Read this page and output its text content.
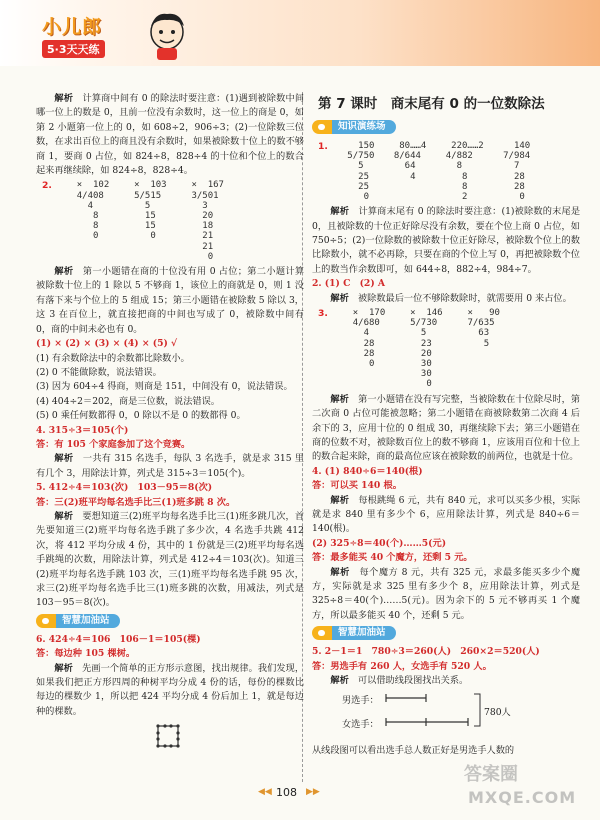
小儿郎
5·3天天练

解析　 计算商中间有 0 的除法时要注意：(1)遇到被除数中间哪一位上的数是 0，且前一位没有余数时，这一位上的商是 0，如第 2 小题第一位上的 0，如 608÷2，906÷3；(2)一位除数三位数，在求出百位上的商且没有余数时，如果被除数十位上的数不够商 1，要商 0 占位，如 824÷8，828÷4 的十位和个位上的数合起来再继续除，如 824÷8，828÷4。

2.	×  102
4/408
4
8
8
0
×  103
5/515
5
15
15
0
×  167
3/501
3
20
18
21
21
0

解析　 第一小题错在商的十位没有用 0 占位；第二小题计算被除数十位上的 1 除以 5 不够商 1，该位上的商就是 0，则 1 没有落下来与个位上的 5 组成 15；第三小题错在被除数 5 除以 3，这 3 在百位上，就直接把商的中间也写成了 0，被除数中间有 0，商的中间未必也有 0。

(1) × (2) × (3) × (4) × (5) √

(1) 有余数除法中的余数都比除数小。

(2) 0 不能做除数，说法错误。

(3) 因为 604÷4 得商，则商是 151，中间没有 0，说法错误。

(4) 404÷2＝202，商是三位数，说法错误。

(5) 0 乘任何数都得 0，0 除以不是 0 的数都得 0。

4. 315÷3＝105(个)

答：有 105 个家庭参加了这个竞赛。

解析　 一共有 315 名选手，每队 3 名选手，就是求 315 里有几个 3，用除法计算，列式是 315÷3＝105(个)。

5. 412÷4＝103(次)　103－95＝8(次)

答：三(2)班平均每名选手比三(1)班多跳 8 次。

解析　 要想知道三(2)班平均每名选手比三(1)班多跳几次，首先要知道三(2)班平均每名选手跳了多少次，4 名选手共跳 412 次，将 412 平均分成 4 份，其中的 1 份就是三(2)班平均每名选手跳绳的次数，用除法计算，列式是 412÷4＝103(次)。知道三(2)班平均每名选手跳 103 次，三(1)班平均每名选手跳 95 次，求三(2)班平均每名选手比三(1)班多跳的次数，用减法，列式是 103－95＝8(次)。

智慧加油站

6. 424÷4＝106　106－1＝105(棵)

答：每边种 105 棵树。

解析　 先画一个简单的正方形示意图，找出规律。我们发现，如果我们把正方形四周的种树平均分成 4 份的话，每份的棵数比每边的棵数少 1，所以把 424 平均分成 4 份后加上 1，就是每边种的棵数。

第 7 课时　商末尾有 0 的一位数除法
知识演练场
1.	150
5/750
5
25
25
0
80……4
8/644
64
4
220……2
4/882
8
8
8
2
140
7/984
7
28
28
0

解析　 计算商末尾有 0 的除法时要注意：(1)被除数的末尾是 0，且被除数的十位正好除尽没有余数，要在个位上商 0 占位，如 750÷5；(2)一位除数的被除数十位正好除尽，被除数个位上的数比除数小，就不必再除，只要在商的个位上写 0，再把被除数个位上的数当作余数即可，如 644÷8，882÷4，984÷7。

2. (1) C　(2) A

解析　 被除数最后一位不够除数除时，就需要用 0 来占位。

3.	×  170
4/680
4
28
28
0
×  146
5/730
5
23
20
30
30
0
×   90
7/635
63
5

解析　 第一小题错在没有写完整，当被除数在十位除尽时，第二次商 0 占位可能被忽略；第二小题错在商被除数第二次商 4 后余下的 3，应用十位的 0 组成 30，再继续除下去；第三小题错在商的位数不对，被除数百位上的数不够商 1，应该用百位和十位上的数合起来除，商的最高位应该在被除数的前两位，也就是十位。

4. (1) 840÷6＝140(根)

答：可以买 140 根。

解析　 每根跳绳 6 元，共有 840 元，求可以买多少根，实际就是求 840 里有多少个 6，应用除法计算，列式是 840÷6＝140(根)。

(2) 325÷8＝40(个)……5(元)

答：最多能买 40 个魔方，还剩 5 元。

解析　 每个魔方 8 元，共有 325 元，求最多能买多少个魔方，实际就是求 325 里有多少个 8，应用除法计算，列式是 325÷8＝40(个)……5(元)。因为余下的 5 元不够再买 1 个魔方，所以最多能买 40 个，还剩 5 元。

智慧加油站

5. 2－1＝1　780÷3＝260(人)　260×2＝520(人)

答：男选手有 260 人，女选手有 520 人。

解析　 可以借助线段图找出关系。

男选手：
女选手：
780人

从线段图可以看出选手总人数正好是男选手人数的

◀◀ 108 ▶▶
答案圈
MXQE.COM
